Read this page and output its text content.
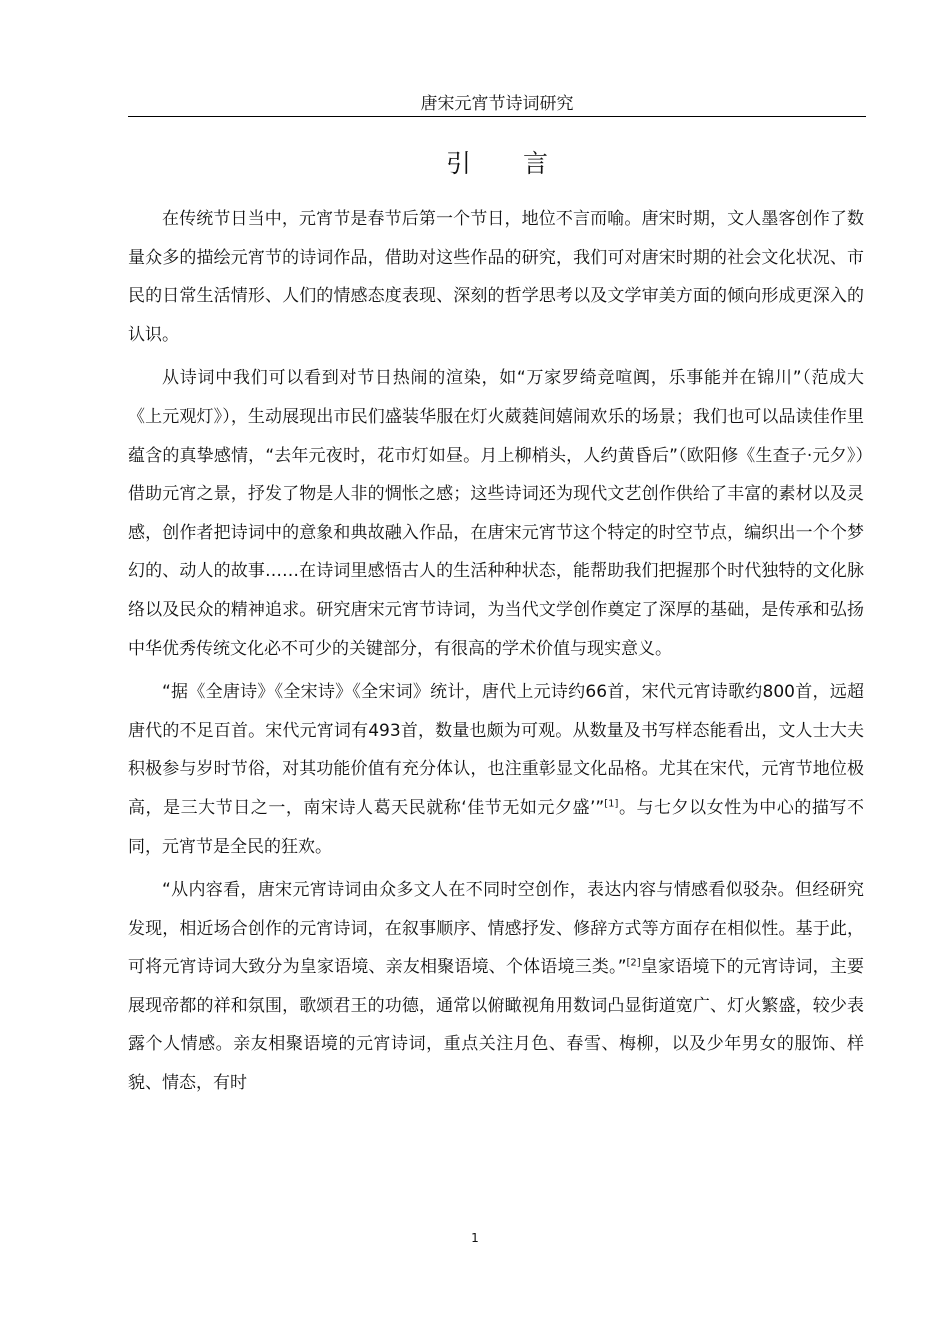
唐宋元宵节诗词研究
引言

在传统节日当中，元宵节是春节后第一个节日，地位不言而喻。唐宋时期，文人墨客创作了数量众多的描绘元宵节的诗词作品，借助对这些作品的研究，我们可对唐宋时期的社会文化状况、市民的日常生活情形、人们的情感态度表现、深刻的哲学思考以及文学审美方面的倾向形成更深入的认识。

从诗词中我们可以看到对节日热闹的渲染，如“万家罗绮竞喧阗，乐事能并在锦川”（范成大《上元观灯》），生动展现出市民们盛装华服在灯火葳蕤间嬉闹欢乐的场景；我们也可以品读佳作里蕴含的真挚感情，“去年元夜时，花市灯如昼。月上柳梢头，人约黄昏后”（欧阳修《生查子·元夕》）借助元宵之景，抒发了物是人非的惆怅之感；这些诗词还为现代文艺创作供给了丰富的素材以及灵感，创作者把诗词中的意象和典故融入作品，在唐宋元宵节这个特定的时空节点，编织出一个个梦幻的、动人的故事……在诗词里感悟古人的生活种种状态，能帮助我们把握那个时代独特的文化脉络以及民众的精神追求。研究唐宋元宵节诗词，为当代文学创作奠定了深厚的基础，是传承和弘扬中华优秀传统文化必不可少的关键部分，有很高的学术价值与现实意义。

“据《全唐诗》《全宋诗》《全宋词》统计，唐代上元诗约66首，宋代元宵诗歌约800首，远超唐代的不足百首。宋代元宵词有493首，数量也颇为可观。从数量及书写样态能看出，文人士大夫积极参与岁时节俗，对其功能价值有充分体认，也注重彰显文化品格。尤其在宋代，元宵节地位极高，是三大节日之一，南宋诗人葛天民就称‘佳节无如元夕盛’”[1]。与七夕以女性为中心的描写不同，元宵节是全民的狂欢。

“从内容看，唐宋元宵诗词由众多文人在不同时空创作，表达内容与情感看似驳杂。但经研究发现，相近场合创作的元宵诗词，在叙事顺序、情感抒发、修辞方式等方面存在相似性。基于此，可将元宵诗词大致分为皇家语境、亲友相聚语境、个体语境三类。”[2]皇家语境下的元宵诗词，主要展现帝都的祥和氛围，歌颂君王的功德，通常以俯瞰视角用数词凸显街道宽广、灯火繁盛，较少表露个人情感。亲友相聚语境的元宵诗词，重点关注月色、春雪、梅柳，以及少年男女的服饰、样貌、情态，有时

1
